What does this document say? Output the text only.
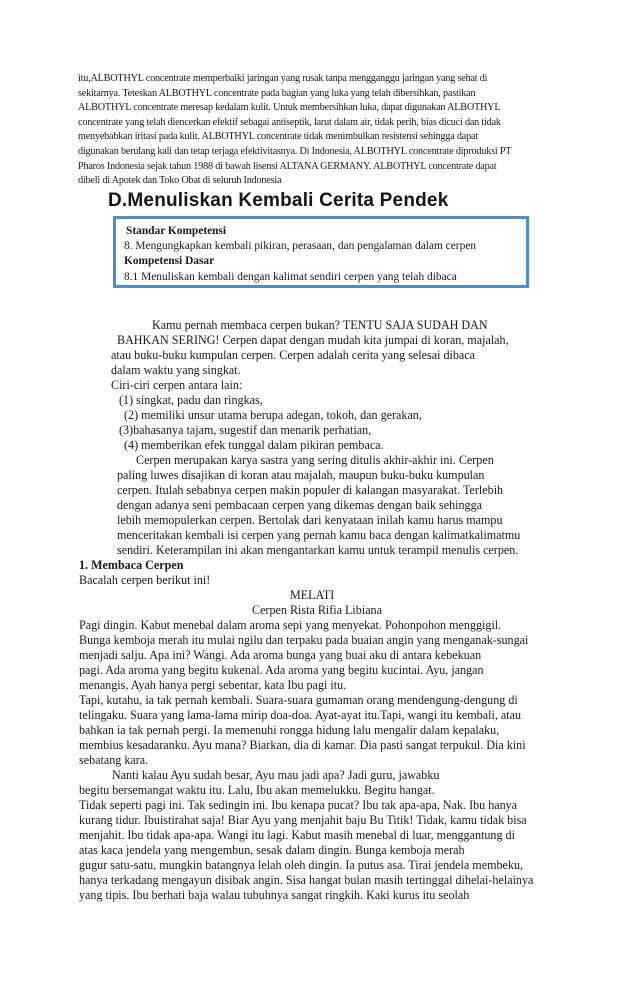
itu,ALBOTHYL concentrate memperbaiki jaringan yang rusak tanpa mengganggu jaringan yang sehat di
sekitarnya. Teteskan ALBOTHYL concentrate pada bagian yang luka yang telah dibersihkan, pastikan
ALBOTHYL concentrate meresap kedalam kulit. Untuk membersihkan luka, dapat digunakan ALBOTHYL
concentrate yang telah diencerkan efektif sebagai antiseptik, larut dalam air, tidak perih, bias dicuci dan tidak
menyebabkan iritasi pada kulit. ALBOTHYL concentrate tidak menimbulkan resistensi sehingga dapat
digunakan berulang kali dan tetap terjaga efektivitasnya. Di Indonesia, ALBOTHYL concentrate diproduksi PT
Pharos Indonesia sejak tahun 1988 di bawah lisensi ALTANA GERMANY. ALBOTHYL concentrate dapat
dibeli di Apotek dan Toko Obat di seluruh Indonesia
D.Menuliskan Kembali Cerita Pendek
Standar Kompetensi
8. Mengungkapkan kembali pikiran, perasaan, dan pengalaman dalam cerpen
Kompetensi Dasar
8.1 Menuliskan kembali dengan kalimat sendiri cerpen yang telah dibaca
Kamu pernah membaca cerpen bukan? TENTU SAJA SUDAH DAN
BAHKAN SERING! Cerpen dapat dengan mudah kita jumpai di koran, majalah,
atau buku-buku kumpulan cerpen. Cerpen adalah cerita yang selesai dibaca
dalam waktu yang singkat.
Ciri-ciri cerpen antara lain:
(1) singkat, padu dan ringkas,
(2) memiliki unsur utama berupa adegan, tokoh, dan gerakan,
(3)bahasanya tajam, sugestif dan menarik perhatian,
(4) memberikan efek tunggal dalam pikiran pembaca.
Cerpen merupakan karya sastra yang sering ditulis akhir-akhir ini. Cerpen
paling luwes disajikan di koran atau majalah, maupun buku-buku kumpulan
cerpen. Itulah sebabnya cerpen makin populer di kalangan masyarakat. Terlebih
dengan adanya seni pembacaan cerpen yang dikemas dengan baik sehingga
lebih memopulerkan cerpen. Bertolak dari kenyataan inilah kamu harus mampu
menceritakan kembali isi cerpen yang pernah kamu baca dengan kalimatkalimatmu
sendiri. Keterampilan ini akan mengantarkan kamu untuk terampil menulis cerpen.
1. Membaca Cerpen
Bacalah cerpen berikut ini!
MELATI
Cerpen Rista Rifia Libiana
Pagi dingin. Kabut menebal dalam aroma sepi yang menyekat. Pohonpohon menggigil.
Bunga kemboja merah itu mulai ngilu dan terpaku pada buaian angin yang menganak-sungai
menjadi salju. Apa ini? Wangi. Ada aroma bunga yang buai aku di antara kebekuan
pagi. Ada aroma yang begitu kukenal. Ada aroma yang begitu kucintai. Ayu, jangan
menangis, Ayah hanya pergi sebentar, kata Ibu pagi itu.
Tapi, kutahu, ia tak pernah kembali. Suara-suara gumaman orang mendengung-dengung di
telingaku. Suara yang lama-lama mirip doa-doa. Ayat-ayat itu.Tapi, wangi itu kembali, atau
bahkan ia tak pernah pergi. Ia memenuhi rongga hidung lalu mengalir dalam kepalaku,
membius kesadaranku. Ayu mana? Biarkan, dia di kamar. Dia pasti sangat terpukul. Dia kini
sebatang kara.
Nanti kalau Ayu sudah besar, Ayu mau jadi apa? Jadi guru, jawabku
begitu bersemangat waktu itu. Lalu, Ibu akan memelukku. Begitu hangat.
Tidak seperti pagi ini. Tak sedingin ini. Ibu kenapa pucat? Ibu tak apa-apa, Nak. Ibu hanya
kurang tidur. Ibuistirahat saja! Biar Ayu yang menjahit baju Bu Titik! Tidak, kamu tidak bisa
menjahit. Ibu tidak apa-apa. Wangi itu lagi. Kabut masih menebal di luar, menggantung di
atas kaca jendela yang mengembun, sesak dalam dingin. Bunga kemboja merah
gugur satu-satu, mungkin batangnya lelah oleh dingin. Ia putus asa. Tirai jendela membeku,
hanya terkadang mengayun disibak angin. Sisa hangat bulan masih tertinggal dihelai-helainya
yang tipis. Ibu berhati baja walau tubuhnya sangat ringkih. Kaki kurus itu seolah
